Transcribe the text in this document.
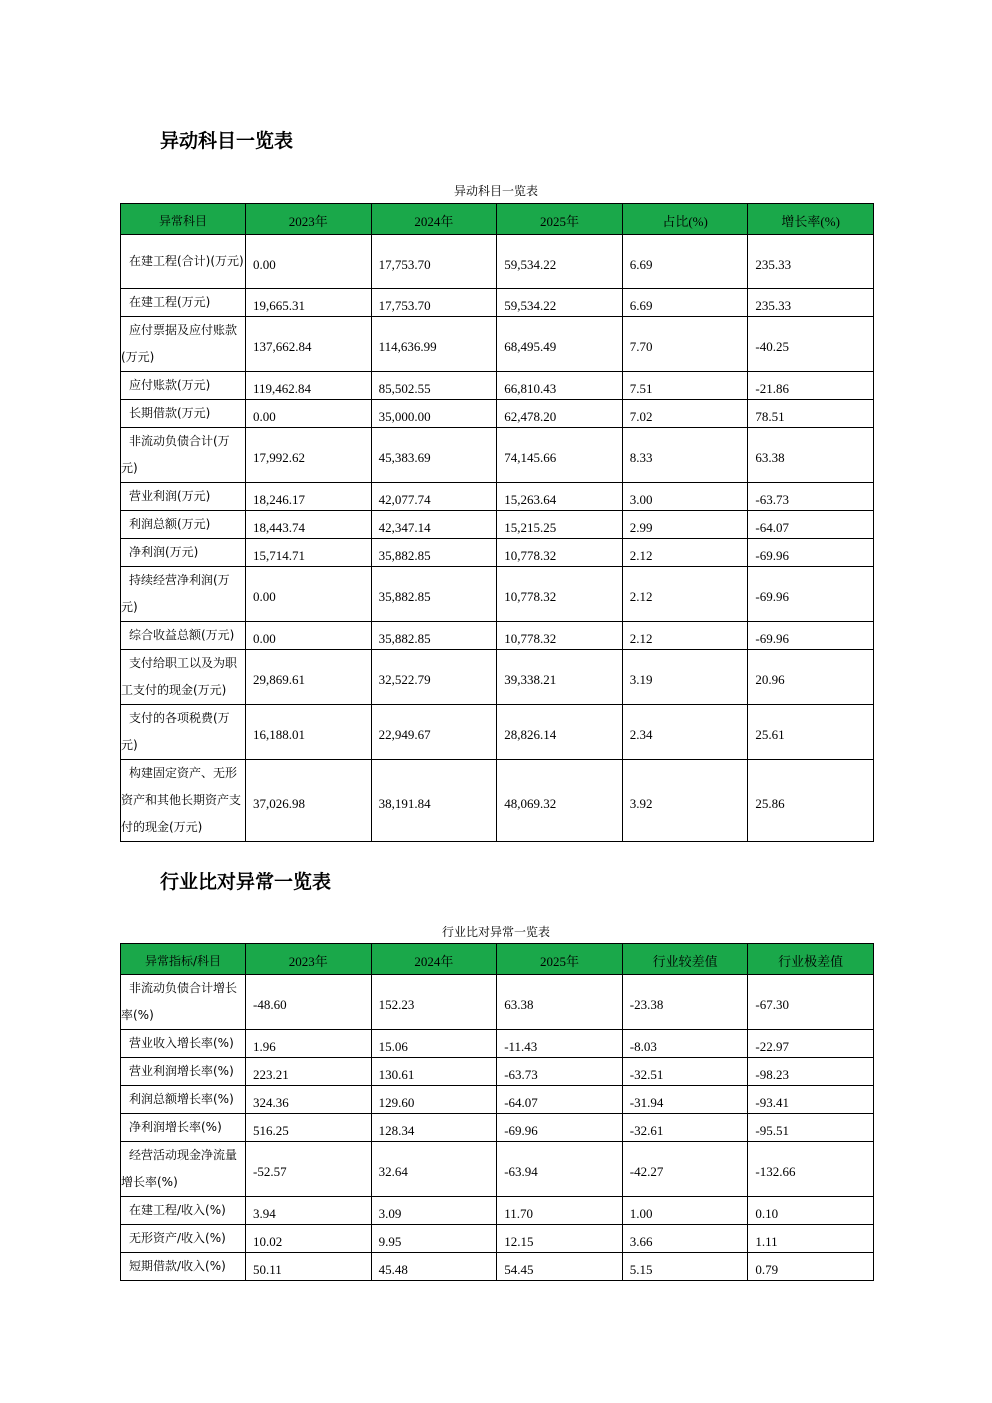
异动科目一览表
异动科目一览表
异常科目	2023年	2024年	2025年	占比(%)	增长率(%)
在建工程(合计)(万元)	0.00	17,753.70	59,534.22	6.69	235.33
在建工程(万元)	19,665.31	17,753.70	59,534.22	6.69	235.33
应付票据及应付账款(万元)	137,662.84	114,636.99	68,495.49	7.70	-40.25
应付账款(万元)	119,462.84	85,502.55	66,810.43	7.51	-21.86
长期借款(万元)	0.00	35,000.00	62,478.20	7.02	78.51
非流动负债合计(万元)	17,992.62	45,383.69	74,145.66	8.33	63.38
营业利润(万元)	18,246.17	42,077.74	15,263.64	3.00	-63.73
利润总额(万元)	18,443.74	42,347.14	15,215.25	2.99	-64.07
净利润(万元)	15,714.71	35,882.85	10,778.32	2.12	-69.96
持续经营净利润(万元)	0.00	35,882.85	10,778.32	2.12	-69.96
综合收益总额(万元)	0.00	35,882.85	10,778.32	2.12	-69.96
支付给职工以及为职工支付的现金(万元)	29,869.61	32,522.79	39,338.21	3.19	20.96
支付的各项税费(万元)	16,188.01	22,949.67	28,826.14	2.34	25.61
构建固定资产、无形资产和其他长期资产支付的现金(万元)	37,026.98	38,191.84	48,069.32	3.92	25.86
行业比对异常一览表
行业比对异常一览表
异常指标/科目	2023年	2024年	2025年	行业较差值	行业极差值
非流动负债合计增长率(%)	-48.60	152.23	63.38	-23.38	-67.30
营业收入增长率(%)	1.96	15.06	-11.43	-8.03	-22.97
营业利润增长率(%)	223.21	130.61	-63.73	-32.51	-98.23
利润总额增长率(%)	324.36	129.60	-64.07	-31.94	-93.41
净利润增长率(%)	516.25	128.34	-69.96	-32.61	-95.51
经营活动现金净流量增长率(%)	-52.57	32.64	-63.94	-42.27	-132.66
在建工程/收入(%)	3.94	3.09	11.70	1.00	0.10
无形资产/收入(%)	10.02	9.95	12.15	3.66	1.11
短期借款/收入(%)	50.11	45.48	54.45	5.15	0.79
